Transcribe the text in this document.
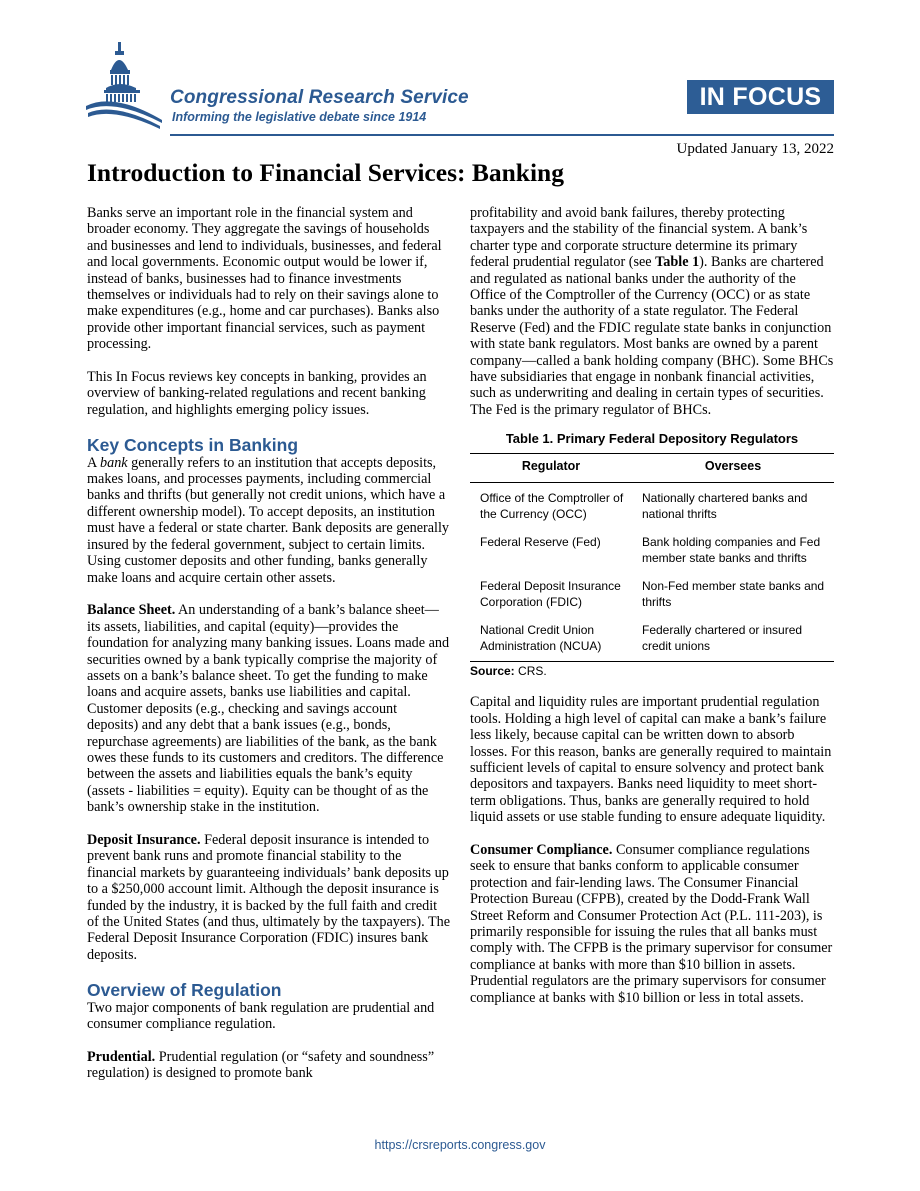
Congressional Research Service
Informing the legislative debate since 1914
IN FOCUS
Updated January 13, 2022
Introduction to Financial Services: Banking

Banks serve an important role in the financial system and broader economy. They aggregate the savings of households and businesses and lend to individuals, businesses, and federal and local governments. Economic output would be lower if, instead of banks, businesses had to finance investments themselves or individuals had to rely on their savings alone to make expenditures (e.g., home and car purchases). Banks also provide other important financial services, such as payment processing.

This In Focus reviews key concepts in banking, provides an overview of banking-related regulations and recent banking regulation, and highlights emerging policy issues.

Key Concepts in Banking

A bank generally refers to an institution that accepts deposits, makes loans, and processes payments, including commercial banks and thrifts (but generally not credit unions, which have a different ownership model). To accept deposits, an institution must have a federal or state charter. Bank deposits are generally insured by the federal government, subject to certain limits. Using customer deposits and other funding, banks generally make loans and acquire certain other assets.

Balance Sheet. An understanding of a bank’s balance sheet—its assets, liabilities, and capital (equity)—provides the foundation for analyzing many banking issues. Loans made and securities owned by a bank typically comprise the majority of assets on a bank’s balance sheet. To get the funding to make loans and acquire assets, banks use liabilities and capital. Customer deposits (e.g., checking and savings account deposits) and any debt that a bank issues (e.g., bonds, repurchase agreements) are liabilities of the bank, as the bank owes these funds to its customers and creditors. The difference between the assets and liabilities equals the bank’s equity (assets - liabilities = equity). Equity can be thought of as the bank’s ownership stake in the institution.

Deposit Insurance. Federal deposit insurance is intended to prevent bank runs and promote financial stability to the financial markets by guaranteeing individuals’ bank deposits up to a $250,000 account limit. Although the deposit insurance is funded by the industry, it is backed by the full faith and credit of the United States (and thus, ultimately by the taxpayers). The Federal Deposit Insurance Corporation (FDIC) insures bank deposits.

Overview of Regulation

Two major components of bank regulation are prudential and consumer compliance regulation.

Prudential. Prudential regulation (or “safety and soundness” regulation) is designed to promote bank

profitability and avoid bank failures, thereby protecting taxpayers and the stability of the financial system. A bank’s charter type and corporate structure determine its primary federal prudential regulator (see Table 1). Banks are chartered and regulated as national banks under the authority of the Office of the Comptroller of the Currency (OCC) or as state banks under the authority of a state regulator. The Federal Reserve (Fed) and the FDIC regulate state banks in conjunction with state bank regulators. Most banks are owned by a parent company—called a bank holding company (BHC). Some BHCs have subsidiaries that engage in nonbank financial activities, such as underwriting and dealing in certain types of securities. The Fed is the primary regulator of BHCs.

Table 1. Primary Federal Depository Regulators
Regulator	Oversees
Office of the Comptroller of the Currency (OCC)	Nationally chartered banks and national thrifts
Federal Reserve (Fed)	Bank holding companies and Fed member state banks and thrifts
Federal Deposit Insurance Corporation (FDIC)	Non-Fed member state banks and thrifts
National Credit Union Administration (NCUA)	Federally chartered or insured credit unions
Source: CRS.

Capital and liquidity rules are important prudential regulation tools. Holding a high level of capital can make a bank’s failure less likely, because capital can be written down to absorb losses. For this reason, banks are generally required to maintain sufficient levels of capital to ensure solvency and protect bank depositors and taxpayers. Banks need liquidity to meet short-term obligations. Thus, banks are generally required to hold liquid assets or use stable funding to ensure adequate liquidity.

Consumer Compliance. Consumer compliance regulations seek to ensure that banks conform to applicable consumer protection and fair-lending laws. The Consumer Financial Protection Bureau (CFPB), created by the Dodd-Frank Wall Street Reform and Consumer Protection Act (P.L. 111-203), is primarily responsible for issuing the rules that all banks must comply with. The CFPB is the primary supervisor for consumer compliance at banks with more than $10 billion in assets. Prudential regulators are the primary supervisors for consumer compliance at banks with $10 billion or less in total assets.

https://crsreports.congress.gov
